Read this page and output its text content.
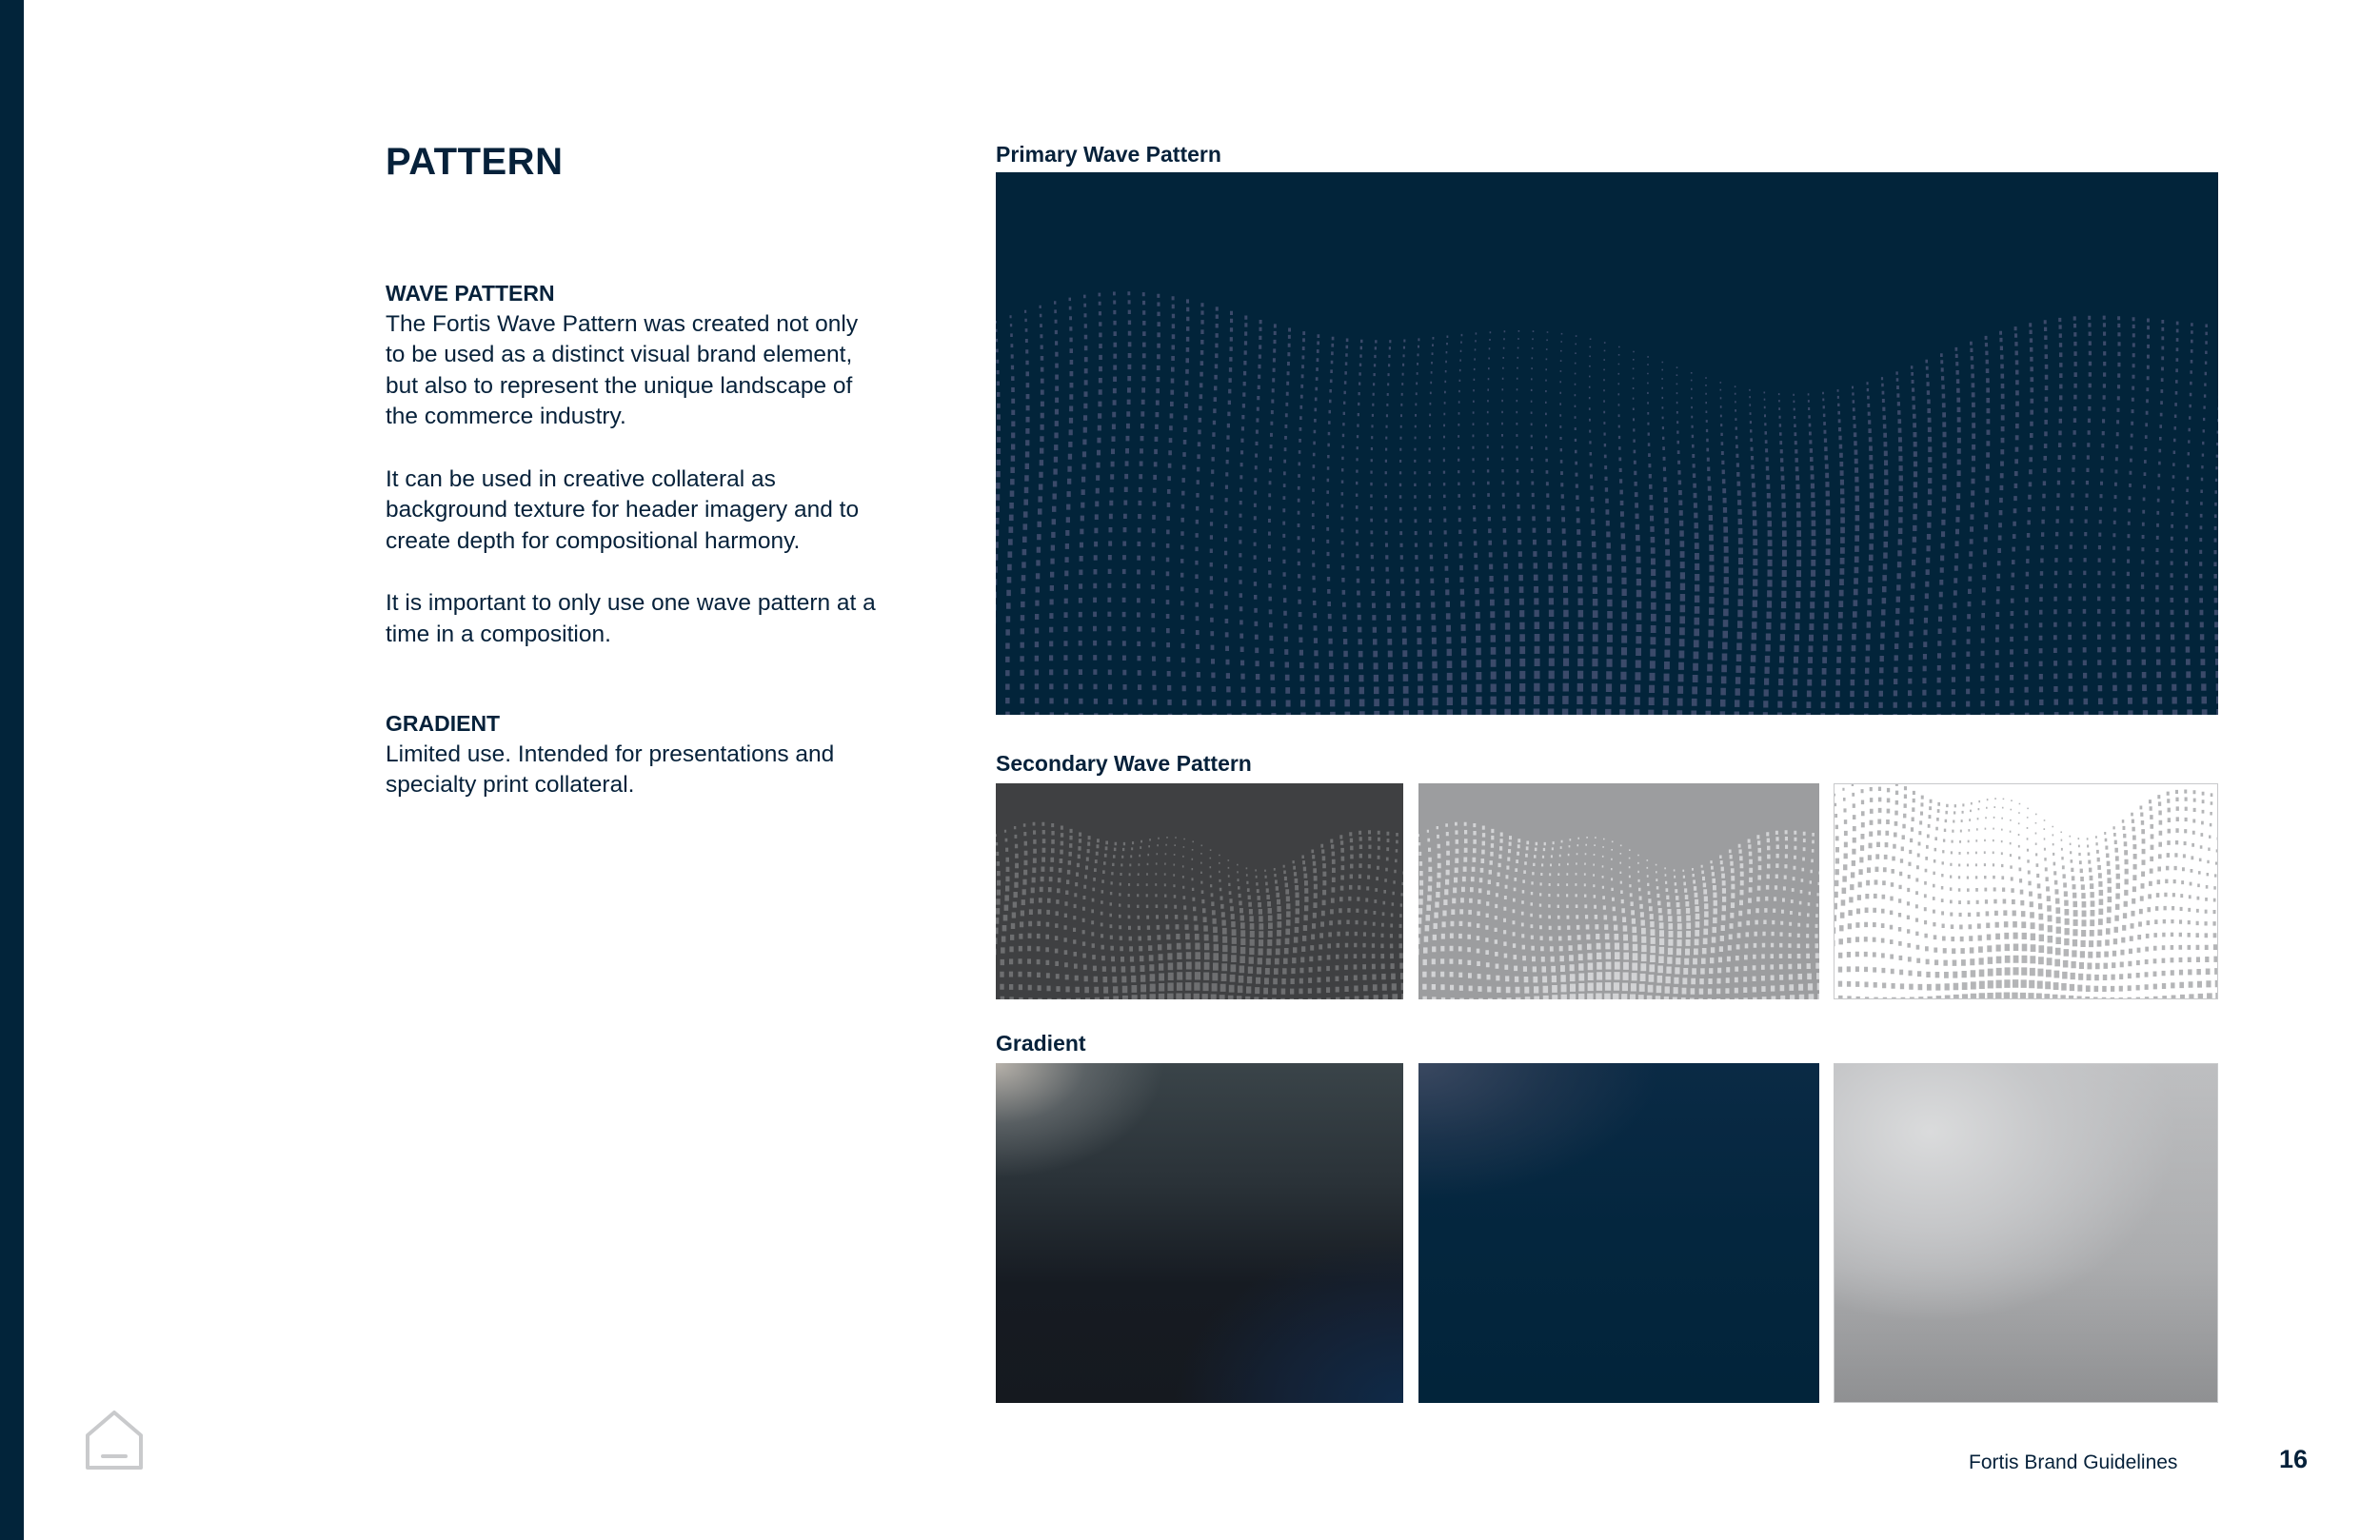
PATTERN
WAVE PATTERN

The Fortis Wave Pattern was created not only to be used as a distinct visual brand element, but also to represent the unique landscape of the commerce industry.

It can be used in creative collateral as background texture for header imagery and to create depth for compositional harmony.

It is important to only use one wave pattern at a time in a composition.

GRADIENT

Limited use. Intended for presentations and specialty print collateral.

Primary Wave Pattern

Secondary Wave Pattern

Gradient

Fortis Brand Guidelines	16
